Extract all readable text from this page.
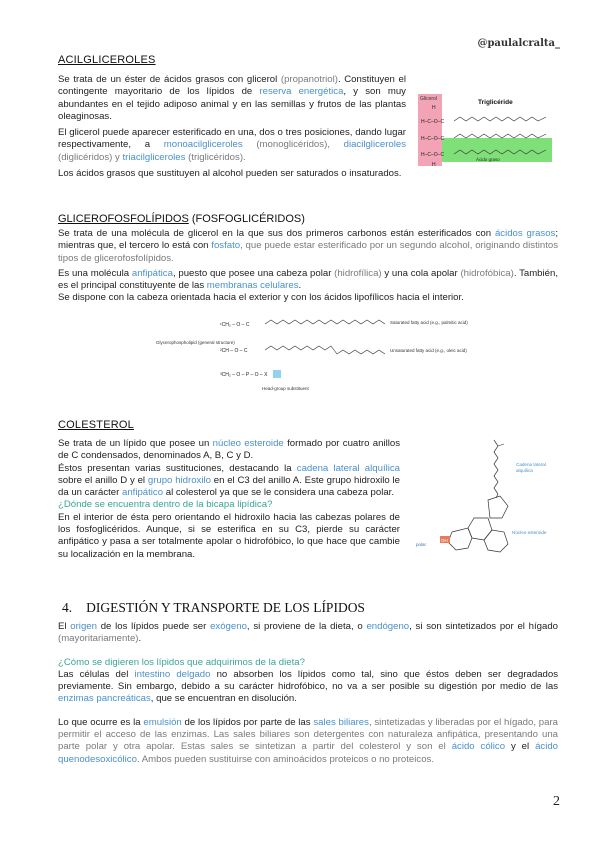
@paulalcralta_
ACILGLICEROLES

Se trata de un éster de ácidos grasos con glicerol (propanotriol). Constituyen el contingente mayoritario de los lípidos de reserva energética, y son muy abundantes en el tejido adiposo animal y en las semillas y frutos de las plantas oleaginosas.

El glicerol puede aparecer esterificado en una, dos o tres posiciones, dando lugar respectivamente, a monoacilgliceroles (monoglicéridos), diacilgliceroles (diglicéridos) y triacilgliceroles (triglicéridos).

Los ácidos grasos que sustituyen al alcohol pueden ser saturados o insaturados.

Glicerol	Triglicéride
H
H–C–O–C
H–C–O–C
H–C–O–C
H
Ácido graso
GLICEROFOSFOLÍPIDOS (FOSFOGLICÉRIDOS)

Se trata de una molécula de glicerol en la que sus dos primeros carbonos están esterificados con ácidos grasos; mientras que, el tercero lo está con fosfato, que puede estar esterificado por un segundo alcohol, originando distintos tipos de glicerofosfolípidos.

Es una molécula anfipática, puesto que posee una cabeza polar (hidrofílica) y una cola apolar (hidrofóbica). También, es el principal constituyente de las membranas celulares.

Se dispone con la cabeza orientada hacia el exterior y con los ácidos lipofílicos hacia el interior.

Glycerophospholipid (general structure)
¹CH₂ – O – C
²CH – O – C
³CH₂ – O – P – O – X
Saturated fatty acid (e.g., palmitic acid)
Unsaturated fatty acid (e.g., oleic acid)
Head-group substituent
COLESTEROL

Se trata de un lípido que posee un núcleo esteroide formado por cuatro anillos de C condensados, denominados A, B, C y D.

Éstos presentan varias sustituciones, destacando la cadena lateral alquílica sobre el anillo D y el grupo hidroxilo en el C3 del anillo A. Este grupo hidroxilo le da un carácter anfipático al colesterol ya que se le considera una cabeza polar.

¿Dónde se encuentra dentro de la bicapa lipídica?

En el interior de ésta pero orientando el hidroxilo hacia las cabezas polares de los fosfoglicéridos. Aunque, si se esterifica en su C3, pierde su carácter anfipático y pasa a ser totalmente apolar o hidrofóbico, lo que hace que cambie su localización en la membrana.

OH
polar
Cadena lateral alquílica
Núcleo esteroide
4. DIGESTIÓN Y TRANSPORTE DE LOS LÍPIDOS

El origen de los lípidos puede ser exógeno, si proviene de la dieta, o endógeno, si son sintetizados por el hígado (mayoritariamente).

¿Cómo se digieren los lípidos que adquirimos de la dieta?

Las células del intestino delgado no absorben los lípidos como tal, sino que éstos deben ser degradados previamente. Sin embargo, debido a su carácter hidrofóbico, no va a ser posible su digestión por medio de las enzimas pancreáticas, que se encuentran en disolución.

Lo que ocurre es la emulsión de los lípidos por parte de las sales biliares, sintetizadas y liberadas por el hígado, para permitir el acceso de las enzimas. Las sales biliares son detergentes con naturaleza anfipática, presentando una parte polar y otra apolar. Estas sales se sintetizan a partir del colesterol y son el ácido cólico y el ácido quenodesoxicólico. Ambos pueden sustituirse con aminoácidos proteicos o no proteicos.

2
